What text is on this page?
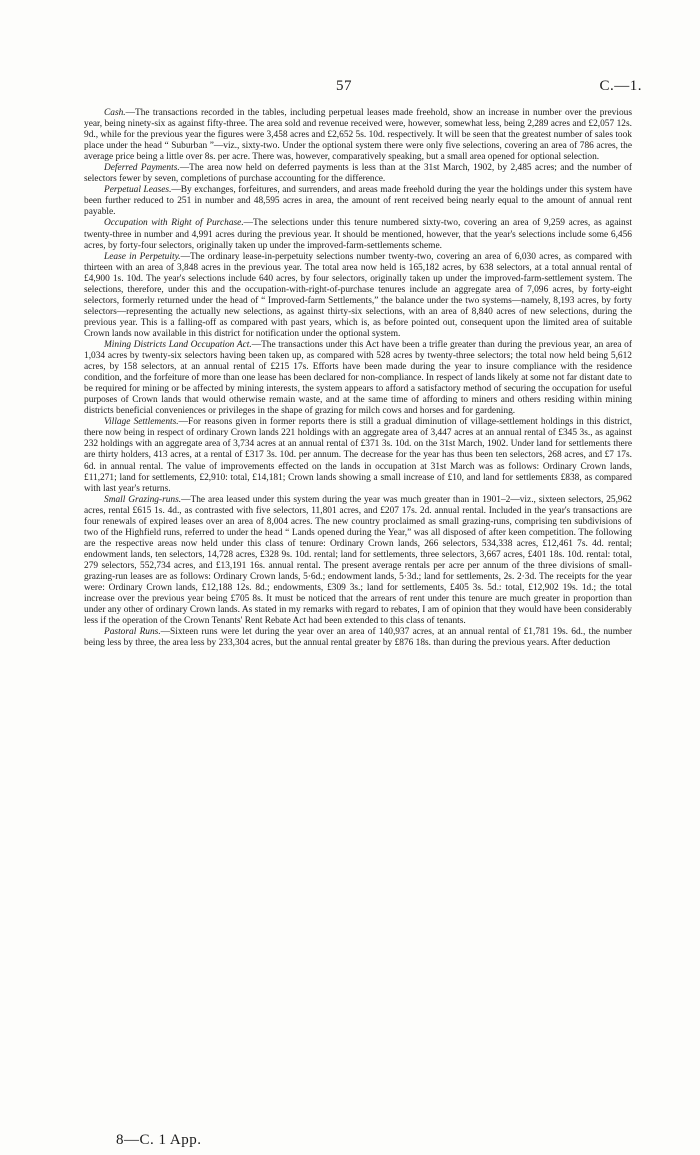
57	C.—1.

Cash.—The transactions recorded in the tables, including perpetual leases made freehold, show an increase in number over the previous year, being ninety-six as against fifty-three. The area sold and revenue received were, however, somewhat less, being 2,289 acres and £2,057 12s. 9d., while for the previous year the figures were 3,458 acres and £2,652 5s. 10d. respectively. It will be seen that the greatest number of sales took place under the head “ Suburban ”—viz., sixty-two. Under the optional system there were only five selections, covering an area of 786 acres, the average price being a little over 8s. per acre. There was, however, comparatively speaking, but a small area opened for optional selection.

Deferred Payments.—The area now held on deferred payments is less than at the 31st March, 1902, by 2,485 acres; and the number of selectors fewer by seven, completions of purchase accounting for the difference.

Perpetual Leases.—By exchanges, forfeitures, and surrenders, and areas made freehold during the year the holdings under this system have been further reduced to 251 in number and 48,595 acres in area, the amount of rent received being nearly equal to the amount of annual rent payable.

Occupation with Right of Purchase.—The selections under this tenure numbered sixty-two, covering an area of 9,259 acres, as against twenty-three in number and 4,991 acres during the previous year. It should be mentioned, however, that the year's selections include some 6,456 acres, by forty-four selectors, originally taken up under the improved-farm-settlements scheme.

Lease in Perpetuity.—The ordinary lease-in-perpetuity selections number twenty-two, covering an area of 6,030 acres, as compared with thirteen with an area of 3,848 acres in the previous year. The total area now held is 165,182 acres, by 638 selectors, at a total annual rental of £4,900 1s. 10d. The year's selections include 640 acres, by four selectors, originally taken up under the improved-farm-settlement system. The selections, therefore, under this and the occupation-with-right-of-purchase tenures include an aggregate area of 7,096 acres, by forty-eight selectors, formerly returned under the head of “ Improved-farm Settlements,” the balance under the two systems—namely, 8,193 acres, by forty selectors—representing the actually new selections, as against thirty-six selections, with an area of 8,840 acres of new selections, during the previous year. This is a falling-off as compared with past years, which is, as before pointed out, consequent upon the limited area of suitable Crown lands now available in this district for notification under the optional system.

Mining Districts Land Occupation Act.—The transactions under this Act have been a trifle greater than during the previous year, an area of 1,034 acres by twenty-six selectors having been taken up, as compared with 528 acres by twenty-three selectors; the total now held being 5,612 acres, by 158 selectors, at an annual rental of £215 17s. Efforts have been made during the year to insure compliance with the residence condition, and the forfeiture of more than one lease has been declared for non-compliance. In respect of lands likely at some not far distant date to be required for mining or be affected by mining interests, the system appears to afford a satisfactory method of securing the occupation for useful purposes of Crown lands that would otherwise remain waste, and at the same time of affording to miners and others residing within mining districts beneficial conveniences or privileges in the shape of grazing for milch cows and horses and for gardening.

Village Settlements.—For reasons given in former reports there is still a gradual diminution of village-settlement holdings in this district, there now being in respect of ordinary Crown lands 221 holdings with an aggregate area of 3,447 acres at an annual rental of £345 3s., as against 232 holdings with an aggregate area of 3,734 acres at an annual rental of £371 3s. 10d. on the 31st March, 1902. Under land for settlements there are thirty holders, 413 acres, at a rental of £317 3s. 10d. per annum. The decrease for the year has thus been ten selectors, 268 acres, and £7 17s. 6d. in annual rental. The value of improvements effected on the lands in occupation at 31st March was as follows: Ordinary Crown lands, £11,271; land for settlements, £2,910: total, £14,181; Crown lands showing a small increase of £10, and land for settlements £838, as compared with last year's returns.

Small Grazing-runs.—The area leased under this system during the year was much greater than in 1901–2—viz., sixteen selectors, 25,962 acres, rental £615 1s. 4d., as contrasted with five selectors, 11,801 acres, and £207 17s. 2d. annual rental. Included in the year's transactions are four renewals of expired leases over an area of 8,004 acres. The new country proclaimed as small grazing-runs, comprising ten subdivisions of two of the Highfield runs, referred to under the head “ Lands opened during the Year,” was all disposed of after keen competition. The following are the respective areas now held under this class of tenure: Ordinary Crown lands, 266 selectors, 534,338 acres, £12,461 7s. 4d. rental; endowment lands, ten selectors, 14,728 acres, £328 9s. 10d. rental; land for settlements, three selectors, 3,667 acres, £401 18s. 10d. rental: total, 279 selectors, 552,734 acres, and £13,191 16s. annual rental. The present average rentals per acre per annum of the three divisions of small-grazing-run leases are as follows: Ordinary Crown lands, 5·6d.; endowment lands, 5·3d.; land for settlements, 2s. 2·3d. The receipts for the year were: Ordinary Crown lands, £12,188 12s. 8d.; endowments, £309 3s.; land for settlements, £405 3s. 5d.: total, £12,902 19s. 1d.; the total increase over the previous year being £705 8s. It must be noticed that the arrears of rent under this tenure are much greater in proportion than under any other of ordinary Crown lands. As stated in my remarks with regard to rebates, I am of opinion that they would have been considerably less if the operation of the Crown Tenants' Rent Rebate Act had been extended to this class of tenants.

Pastoral Runs.—Sixteen runs were let during the year over an area of 140,937 acres, at an annual rental of £1,781 19s. 6d., the number being less by three, the area less by 233,304 acres, but the annual rental greater by £876 18s. than during the previous years. After deduction

8—C. 1 App.
